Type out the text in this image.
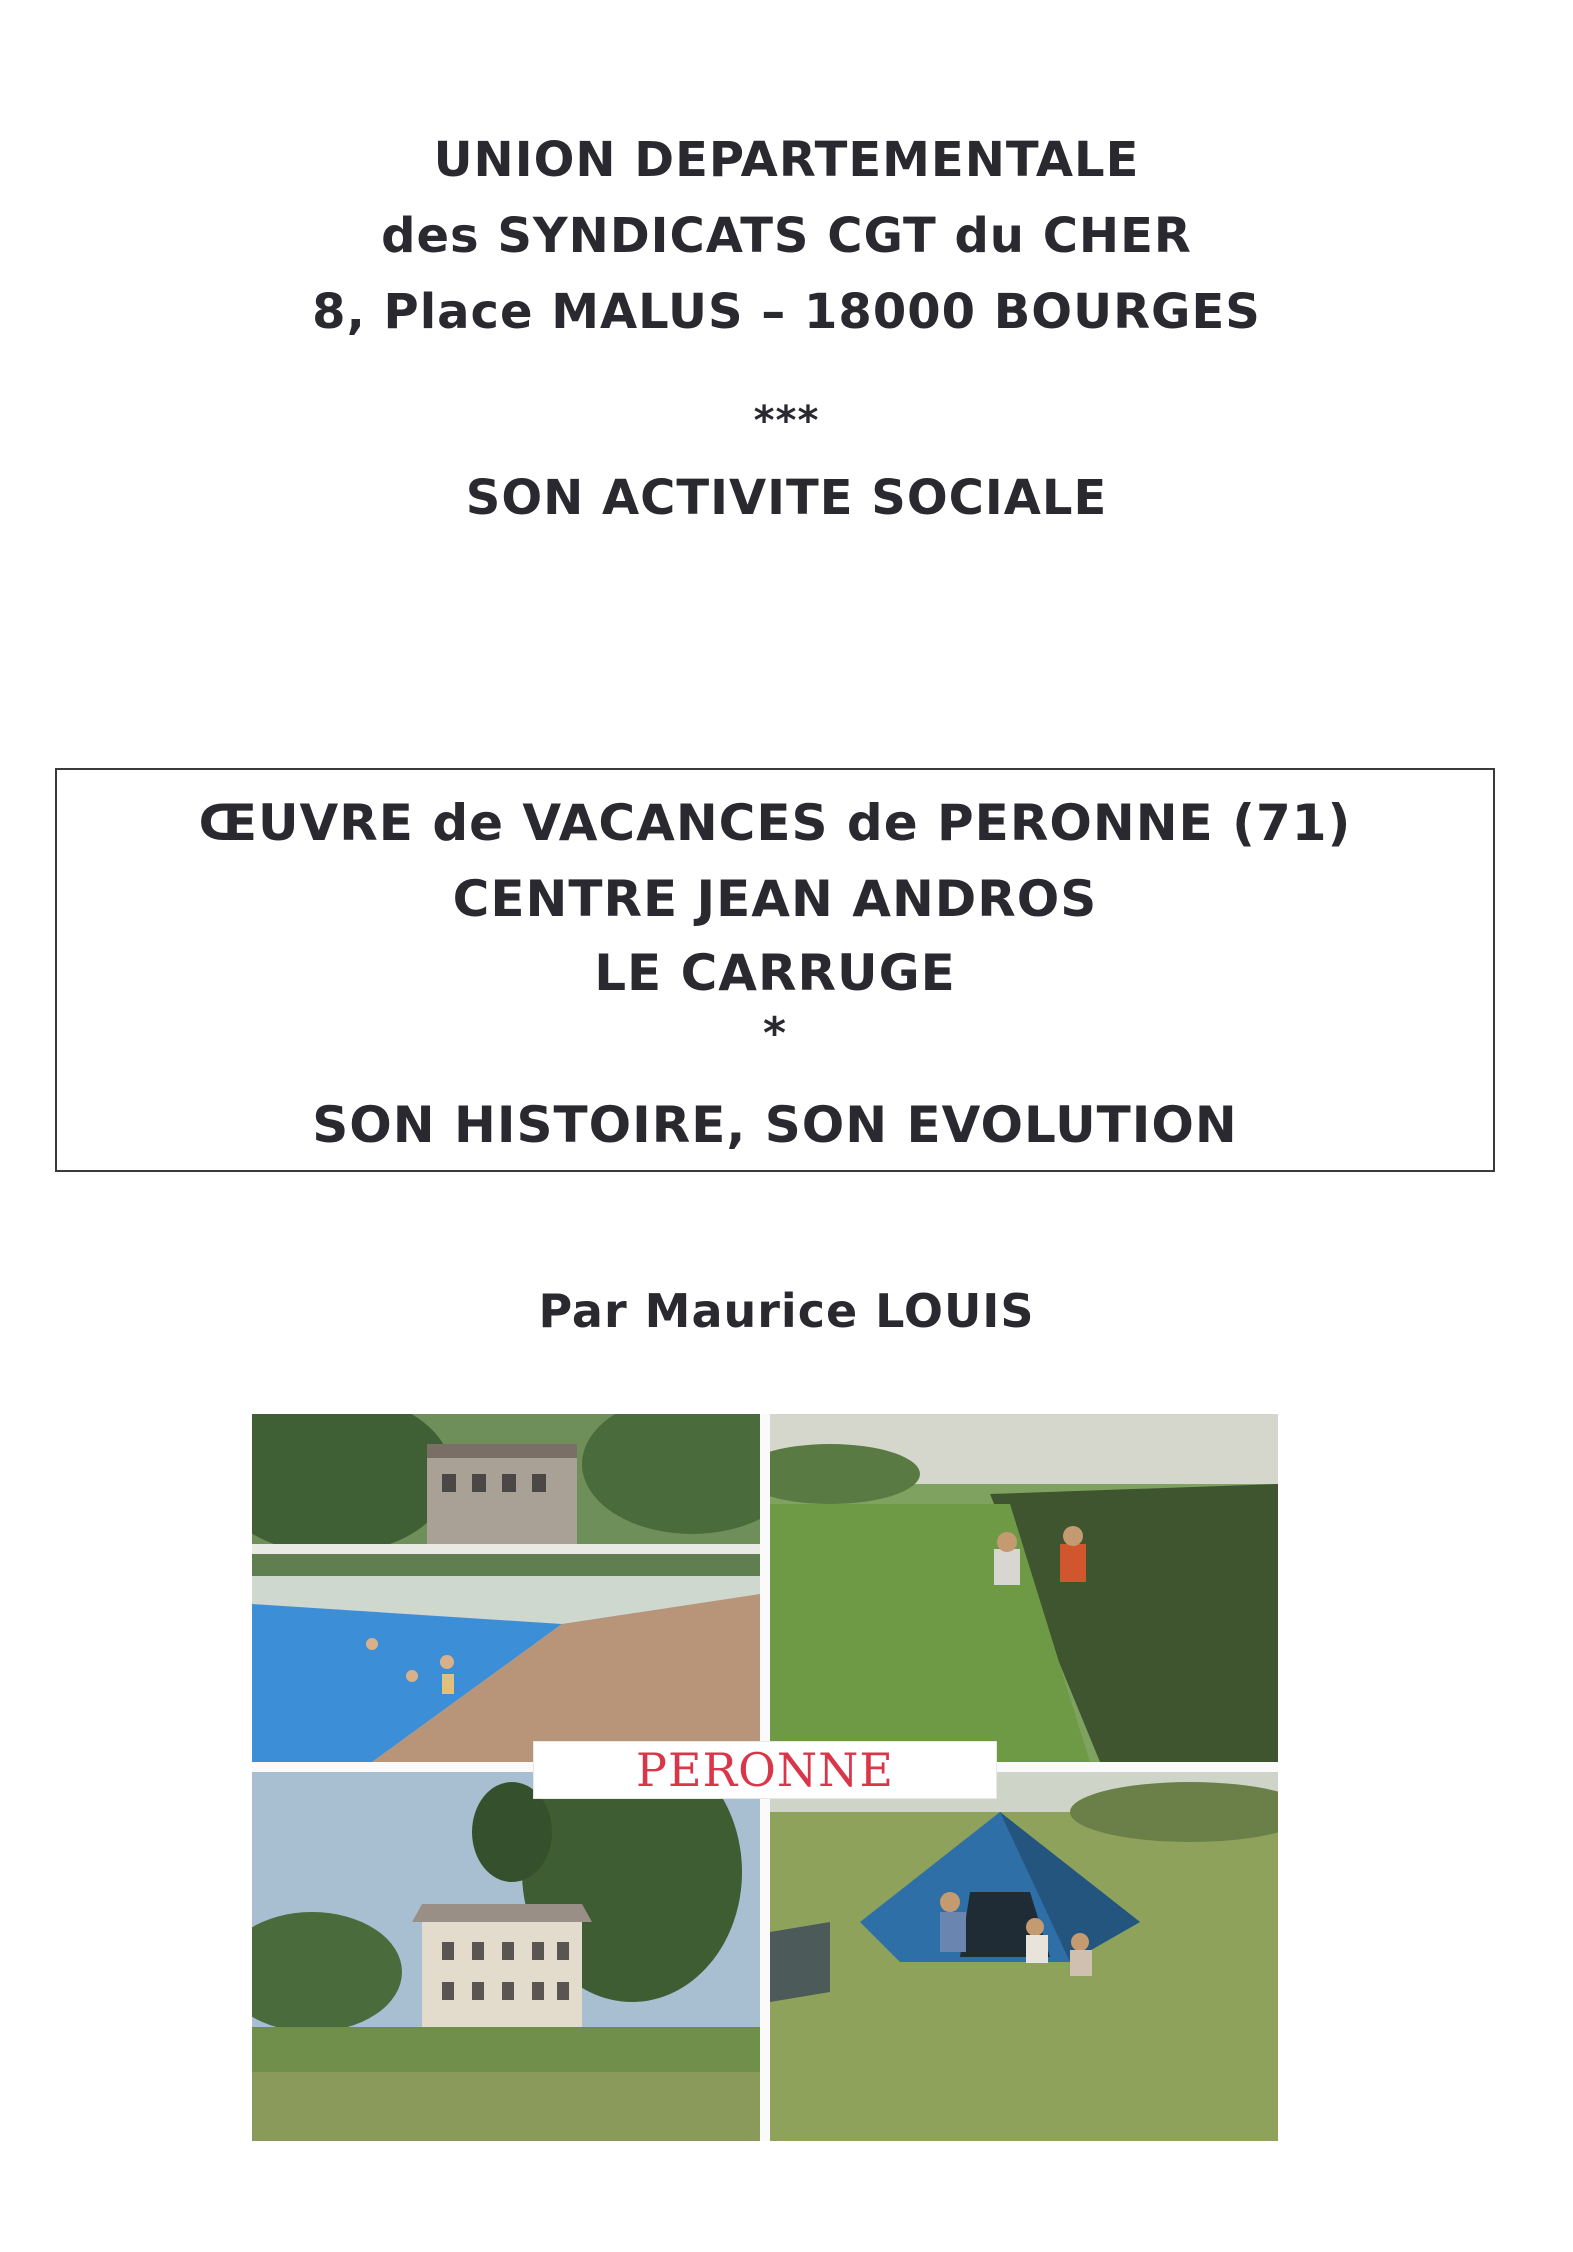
UNION DEPARTEMENTALE
des SYNDICATS CGT du CHER
8, Place MALUS – 18000 BOURGES
***
SON ACTIVITE SOCIALE
ŒUVRE de VACANCES de PERONNE (71)
CENTRE JEAN ANDROS
LE CARRUGE
*
SON HISTOIRE, SON EVOLUTION
Par Maurice LOUIS
PERONNE
